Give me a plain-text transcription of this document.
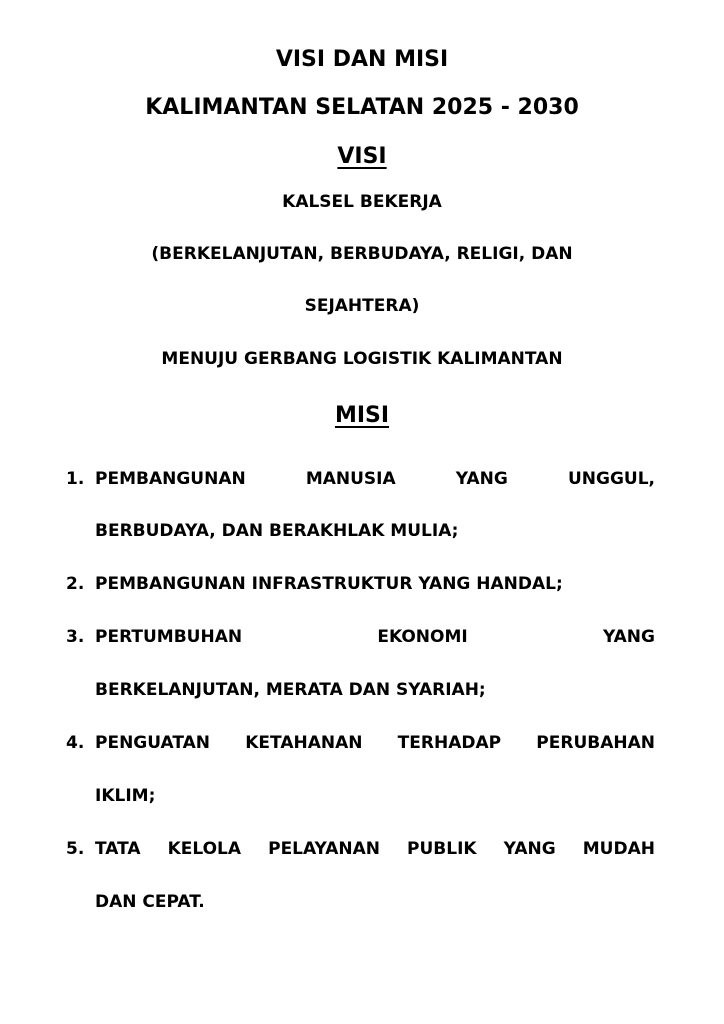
VISI DAN MISI
KALIMANTAN SELATAN 2025 - 2030
VISI
KALSEL BEKERJA
(BERKELANJUTAN, BERBUDAYA, RELIGI, DAN
SEJAHTERA)
MENUJU GERBANG LOGISTIK KALIMANTAN
MISI
1. PEMBANGUNAN	MANUSIA	YANG	UNGGUL,
BERBUDAYA, DAN BERAKHLAK MULIA;
2. PEMBANGUNAN INFRASTRUKTUR YANG HANDAL;
3. PERTUMBUHAN	EKONOMI	YANG
BERKELANJUTAN, MERATA DAN SYARIAH;
4. PENGUATAN KETAHANAN TERHADAP PERUBAHAN
IKLIM;
5. TATA KELOLA PELAYANAN PUBLIK YANG MUDAH
DAN CEPAT.
